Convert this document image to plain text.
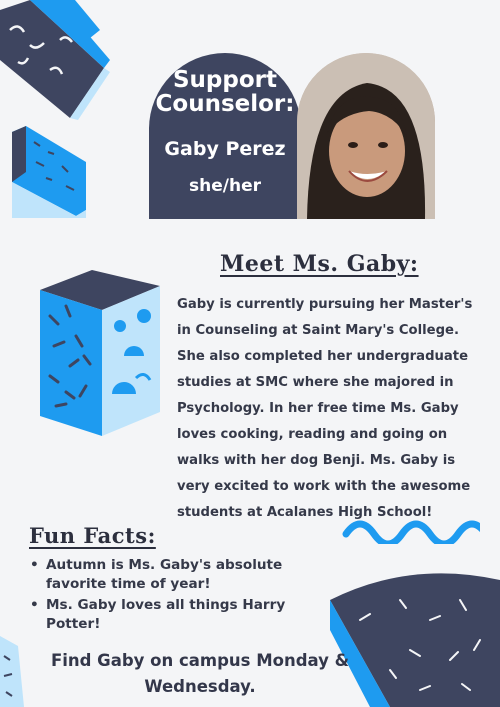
Support Counselor:
Gaby Perez
she/her
Meet Ms. Gaby:
Gaby is currently pursuing her Master's in Counseling at Saint Mary's College. She also completed her undergraduate studies at SMC where she majored in Psychology. In her free time Ms. Gaby loves cooking, reading and going on walks with her dog Benji. Ms. Gaby is very excited to work with the awesome students at Acalanes High School!
Fun Facts:
• Autumn is Ms. Gaby's absolute favorite time of year!
• Ms. Gaby loves all things Harry Potter!
Find Gaby on campus Monday & Wednesday.
